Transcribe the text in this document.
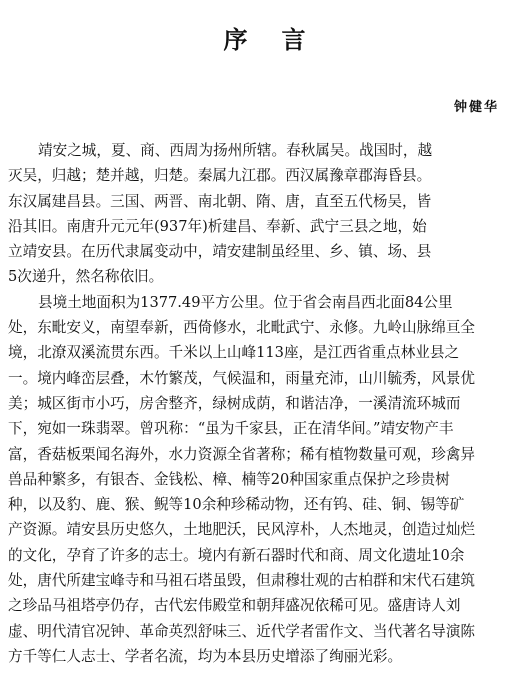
序言
钟健华

靖安之城，夏、商、西周为扬州所辖。春秋属吴。战国时，越
灭吴，归越；楚并越，归楚。秦属九江郡。西汉属豫章郡海昏县。
东汉属建昌县。三国、两晋、南北朝、隋、唐，直至五代杨吴，皆
沿其旧。南唐升元元年(937年)析建昌、奉新、武宁三县之地，始
立靖安县。在历代隶属变动中，靖安建制虽经里、乡、镇、场、县
5次递升，然名称依旧。

县境土地面积为1377.49平方公里。位于省会南昌西北面84公里
处，东毗安义，南望奉新，西倚修水，北毗武宁、永修。九岭山脉绵亘全
境，北潦双溪流贯东西。千米以上山峰113座，是江西省重点林业县之
一。境内峰峦层叠，木竹繁茂，气候温和，雨量充沛，山川毓秀，风景优
美；城区街市小巧，房舍整齐，绿树成荫，和谐洁净，一溪清流环城而
下，宛如一珠翡翠。曾巩称：“虽为千家县，正在清华间。”靖安物产丰
富，香菇板栗闻名海外，水力资源全省著称；稀有植物数量可观，珍禽异
兽品种繁多，有银杏、金钱松、樟、楠等20种国家重点保护之珍贵树
种，以及豹、鹿、猴、鲵等10余种珍稀动物，还有钨、硅、铜、锡等矿
产资源。靖安县历史悠久，土地肥沃，民风淳朴，人杰地灵，创造过灿烂
的文化，孕育了许多的志士。境内有新石器时代和商、周文化遗址10余
处，唐代所建宝峰寺和马祖石塔虽毁，但肃穆壮观的古柏群和宋代石建筑
之珍品马祖塔亭仍存，古代宏伟殿堂和朝拜盛况依稀可见。盛唐诗人刘
虚、明代清官况钟、革命英烈舒味三、近代学者雷作文、当代著名导演陈
方千等仁人志士、学者名流，均为本县历史增添了绚丽光彩。
